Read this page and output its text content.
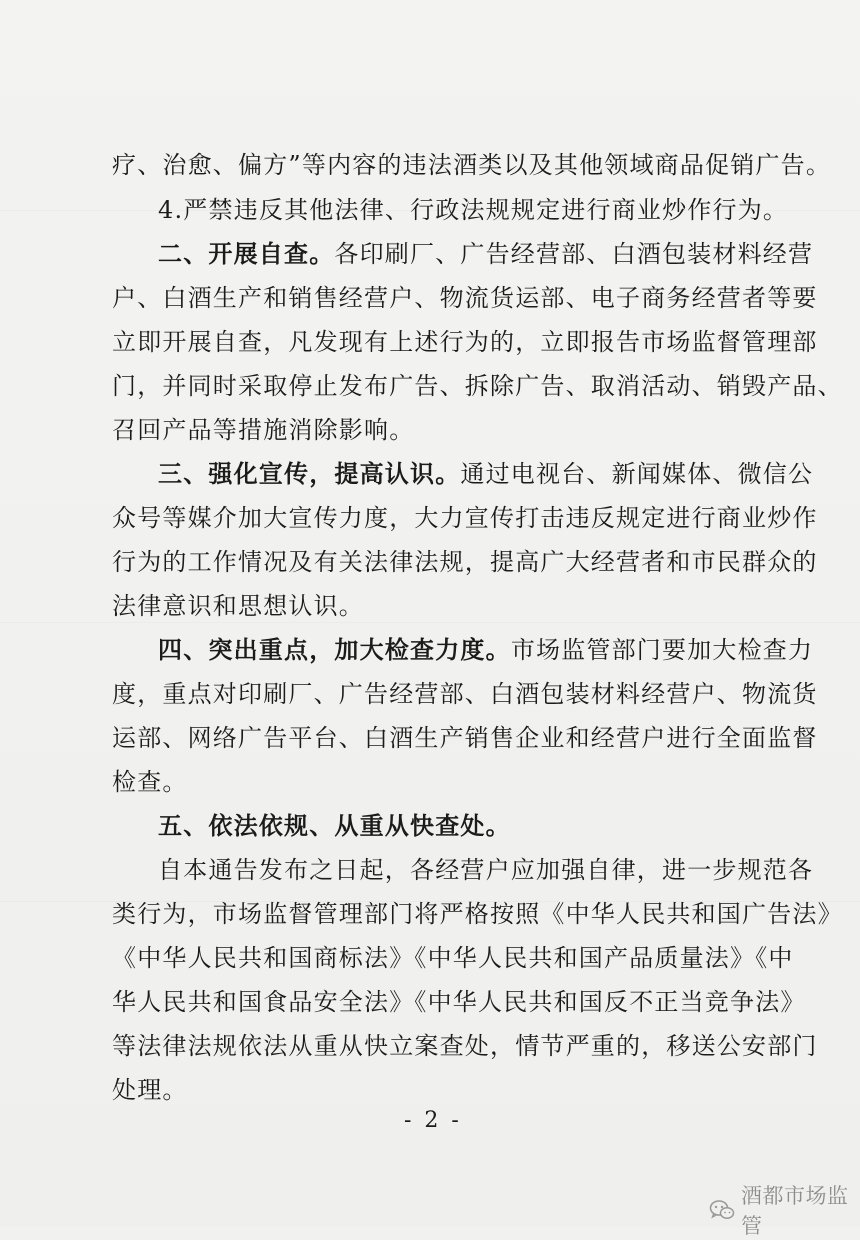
疗、治愈、偏方”等内容的违法酒类以及其他领域商品促销广告。
4.严禁违反其他法律、行政法规规定进行商业炒作行为。
二、开展自查。各印刷厂、广告经营部、白酒包装材料经营
户、白酒生产和销售经营户、物流货运部、电子商务经营者等要
立即开展自查，凡发现有上述行为的，立即报告市场监督管理部
门，并同时采取停止发布广告、拆除广告、取消活动、销毁产品、
召回产品等措施消除影响。
三、强化宣传，提高认识。通过电视台、新闻媒体、微信公
众号等媒介加大宣传力度，大力宣传打击违反规定进行商业炒作
行为的工作情况及有关法律法规，提高广大经营者和市民群众的
法律意识和思想认识。
四、突出重点，加大检查力度。市场监管部门要加大检查力
度，重点对印刷厂、广告经营部、白酒包装材料经营户、物流货
运部、网络广告平台、白酒生产销售企业和经营户进行全面监督
检查。
五、依法依规、从重从快查处。
自本通告发布之日起，各经营户应加强自律，进一步规范各
类行为，市场监督管理部门将严格按照《中华人民共和国广告法》
《中华人民共和国商标法》《中华人民共和国产品质量法》《中
华人民共和国食品安全法》《中华人民共和国反不正当竞争法》
等法律法规依法从重从快立案查处，情节严重的，移送公安部门
处理。
- 2 -
酒都市场监管
